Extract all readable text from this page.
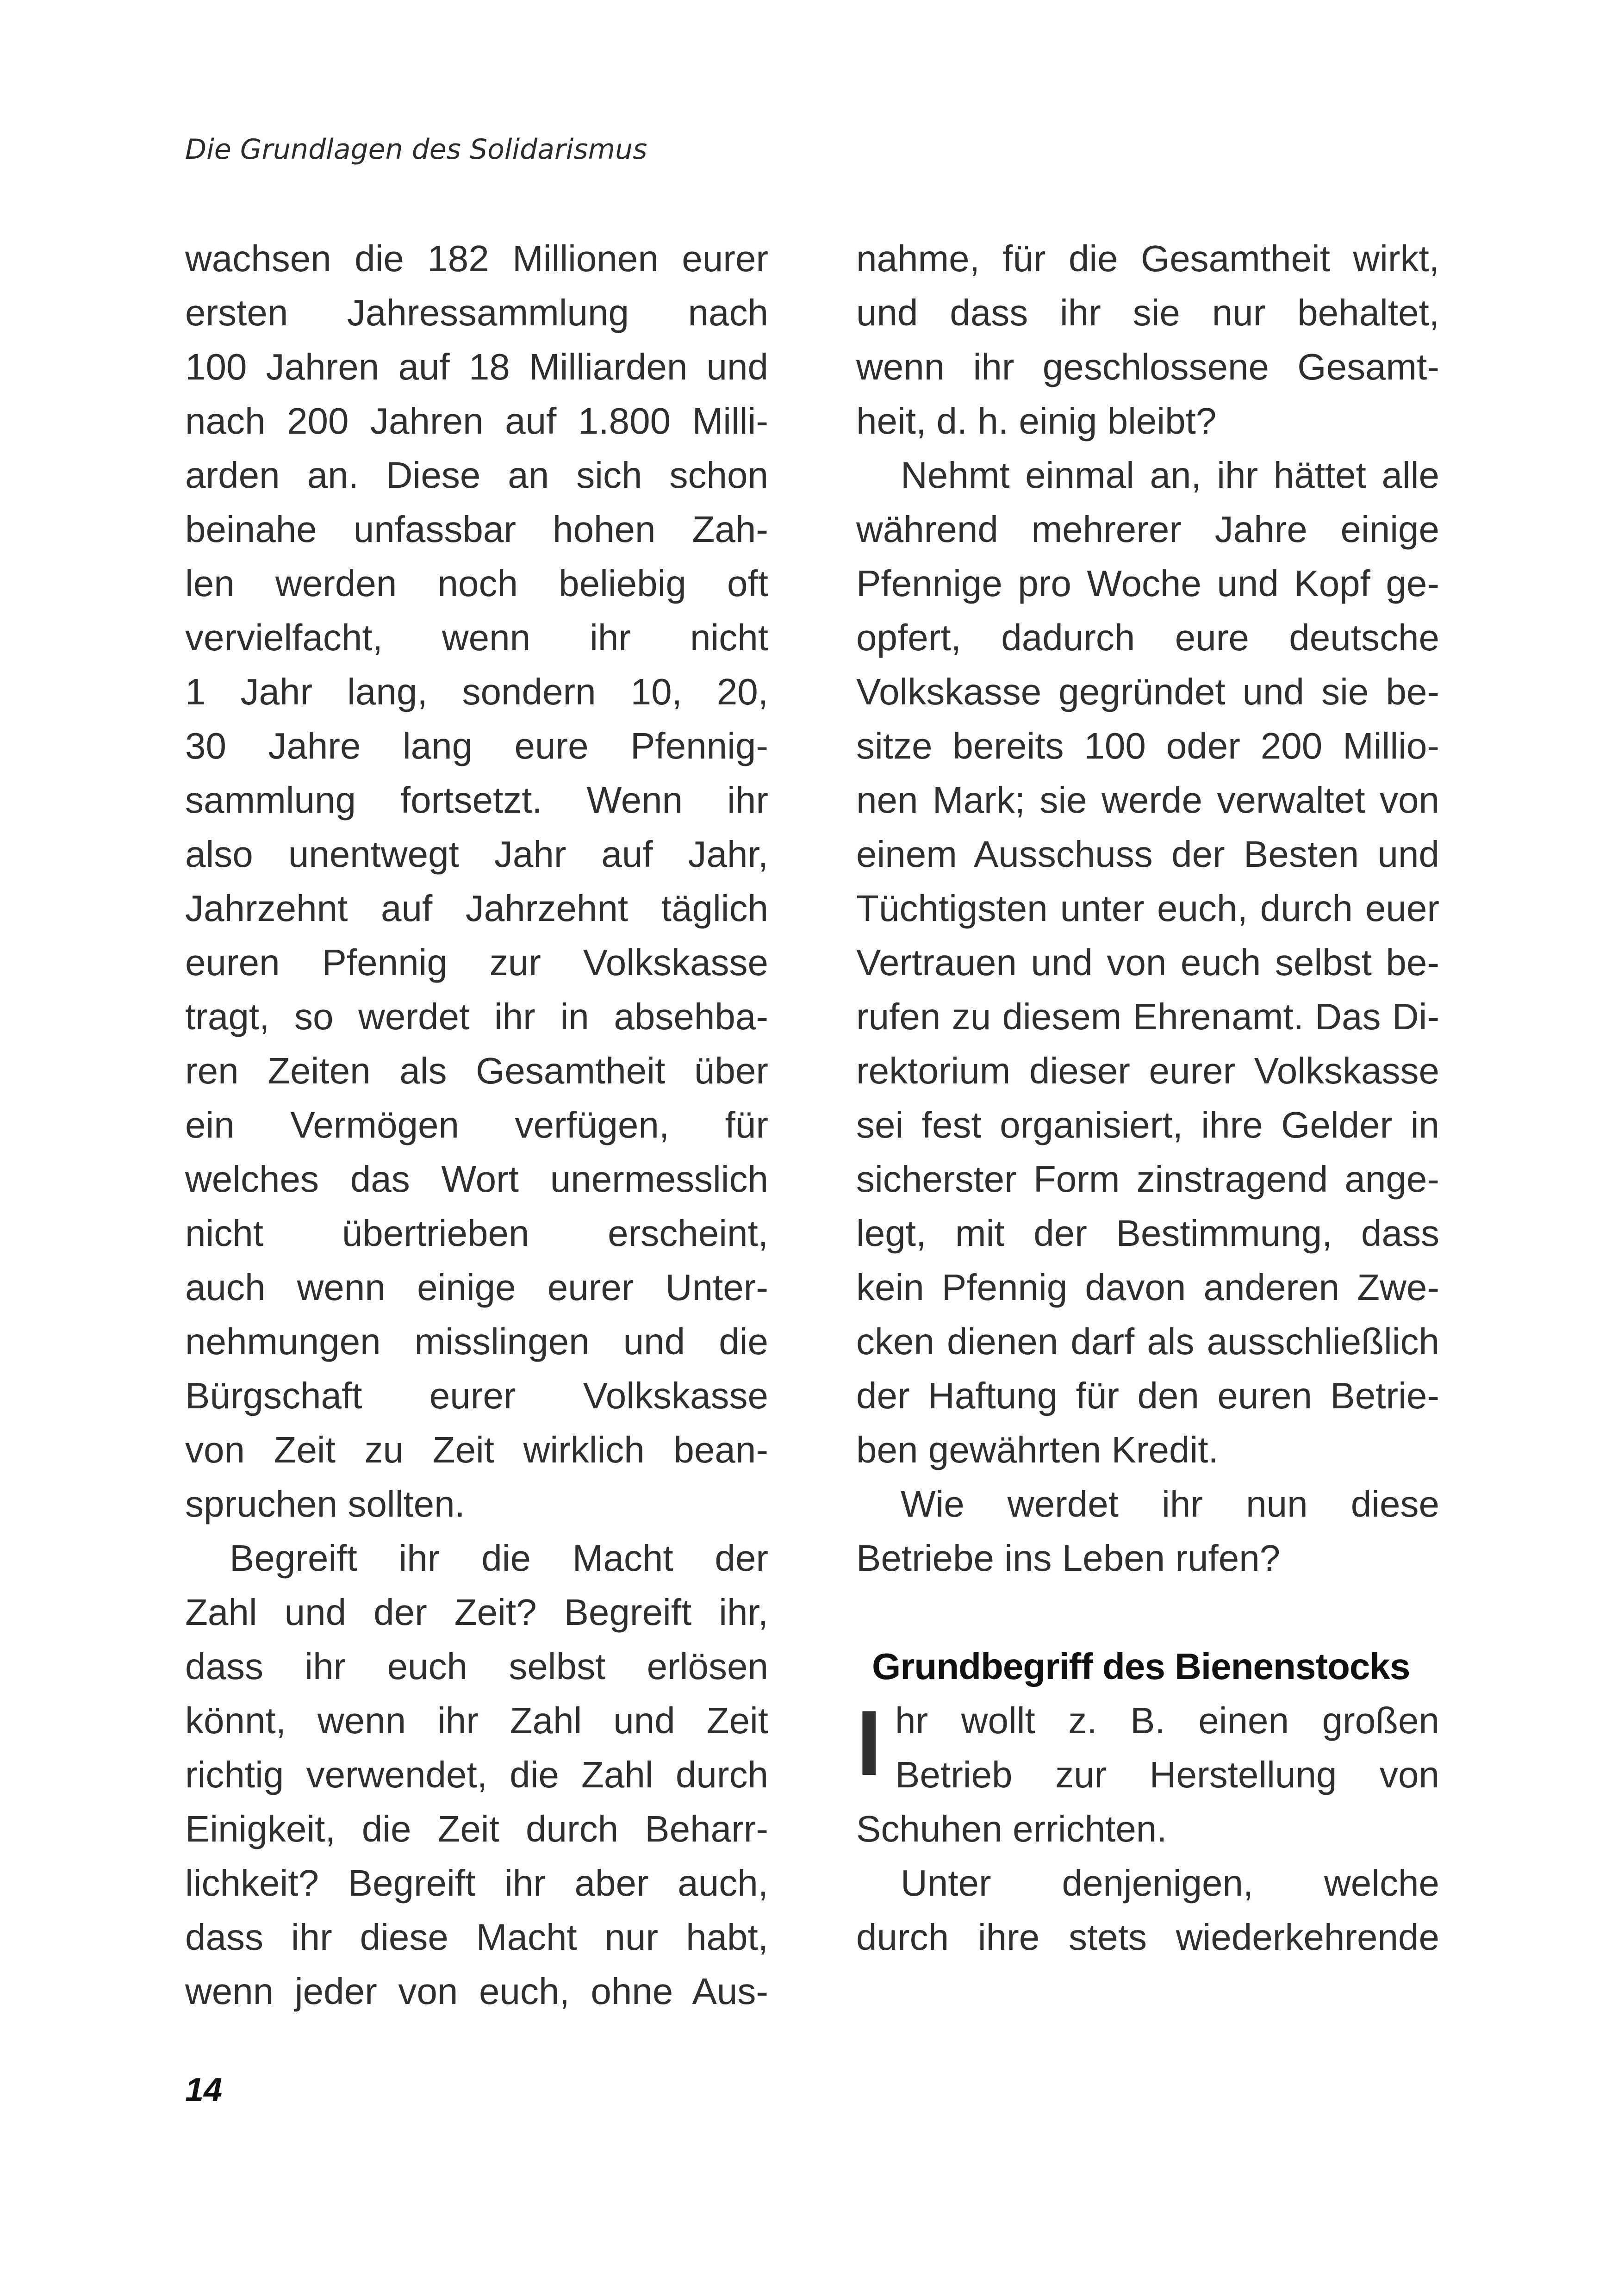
Die Grundlagen des Solidarismus
wachsen die 182 Millionen eurer
ersten Jahressammlung nach
100 Jahren auf 18 Milliarden und
nach 200 Jahren auf 1.800 Milli-
arden an. Diese an sich schon
beinahe unfassbar hohen Zah-
len werden noch beliebig oft
vervielfacht, wenn ihr nicht
1 Jahr lang, sondern 10, 20,
30 Jahre lang eure Pfennig-
sammlung fortsetzt. Wenn ihr
also unentwegt Jahr auf Jahr,
Jahrzehnt auf Jahrzehnt täglich
euren Pfennig zur Volkskasse
tragt, so werdet ihr in absehba-
ren Zeiten als Gesamtheit über
ein Vermögen verfügen, für
welches das Wort unermesslich
nicht übertrieben erscheint,
auch wenn einige eurer Unter-
nehmungen misslingen und die
Bürgschaft eurer Volkskasse
von Zeit zu Zeit wirklich bean-
spruchen sollten.
Begreift ihr die Macht der
Zahl und der Zeit? Begreift ihr,
dass ihr euch selbst erlösen
könnt, wenn ihr Zahl und Zeit
richtig verwendet, die Zahl durch
Einigkeit, die Zeit durch Beharr-
lichkeit? Begreift ihr aber auch,
dass ihr diese Macht nur habt,
wenn jeder von euch, ohne Aus-
nahme, für die Gesamtheit wirkt,
und dass ihr sie nur behaltet,
wenn ihr geschlossene Gesamt-
heit, d. h. einig bleibt?
Nehmt einmal an, ihr hättet alle
während mehrerer Jahre einige
Pfennige pro Woche und Kopf ge-
opfert, dadurch eure deutsche
Volkskasse gegründet und sie be-
sitze bereits 100 oder 200 Millio-
nen Mark; sie werde verwaltet von
einem Ausschuss der Besten und
Tüchtigsten unter euch, durch euer
Vertrauen und von euch selbst be-
rufen zu diesem Ehrenamt. Das Di-
rektorium dieser eurer Volkskasse
sei fest organisiert, ihre Gelder in
sicherster Form zinstragend ange-
legt, mit der Bestimmung, dass
kein Pfennig davon anderen Zwe-
cken dienen darf als ausschließlich
der Haftung für den euren Betrie-
ben gewährten Kredit.
Wie werdet ihr nun diese
Betriebe ins Leben rufen?
Grundbegriff des Bienenstocks
I hr wollt z. B. einen großen
Betrieb zur Herstellung von
Schuhen errichten.
Unter denjenigen, welche
durch ihre stets wiederkehrende
14
